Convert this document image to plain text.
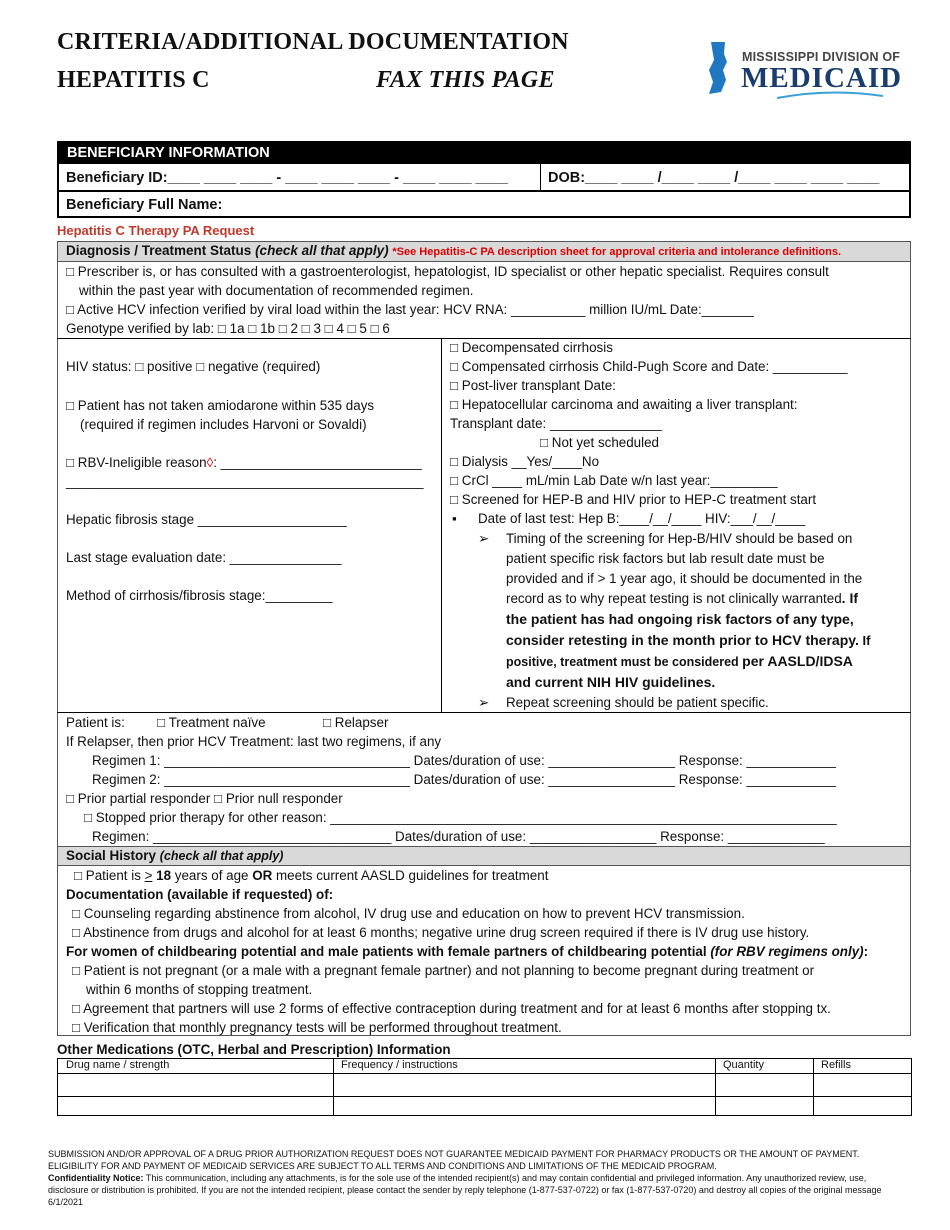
CRITERIA/ADDITIONAL DOCUMENTATION
HEPATITIS C	FAX THIS PAGE
MISSISSIPPI DIVISION OF
MEDICAID
BENEFICIARY INFORMATION
Beneficiary ID:____ ____ ____ - ____ ____ ____ - ____ ____ ____	DOB:____ ____ /____ ____ /____ ____ ____ ____
Beneficiary Full Name:
Hepatitis C Therapy PA Request
Diagnosis / Treatment Status (check all that apply) *See Hepatitis-C PA description sheet for approval criteria and intolerance definitions.
□ Prescriber is, or has consulted with a gastroenterologist, hepatologist, ID specialist or other hepatic specialist. Requires consult
within the past year with documentation of recommended regimen.
□ Active HCV infection verified by viral load within the last year: HCV RNA: __________ million IU/mL Date:_______
Genotype verified by lab: □ 1a □ 1b □ 2 □ 3 □ 4 □ 5 □ 6
HIV status: □ positive □ negative (required)
□ Patient has not taken amiodarone within 535 days
(required if regimen includes Harvoni or Sovaldi)
□ RBV-Ineligible reason◊: ___________________________
________________________________________________
Hepatic fibrosis stage ____________________
Last stage evaluation date: _______________
Method of cirrhosis/fibrosis stage:_________
□ Decompensated cirrhosis
□ Compensated cirrhosis Child-Pugh Score and Date: __________
□ Post-liver transplant Date:
□ Hepatocellular carcinoma and awaiting a liver transplant:
Transplant date: _______________
□ Not yet scheduled
□ Dialysis __Yes/____No
□ CrCl ____ mL/min Lab Date w/n last year:_________
□ Screened for HEP-B and HIV prior to HEP-C treatment start
▪ Date of last test: Hep B:____/__/____ HIV:___/__/____
➢ Timing of the screening for Hep-B/HIV should be based on
patient specific risk factors but lab result date must be
provided and if > 1 year ago, it should be documented in the
record as to why repeat testing is not clinically warranted. If
the patient has had ongoing risk factors of any type,
consider retesting in the month prior to HCV therapy. If
positive, treatment must be considered per AASLD/IDSA
and current NIH HIV guidelines.
➢ Repeat screening should be patient specific.
Patient is: □ Treatment naïve	□ Relapser
If Relapser, then prior HCV Treatment: last two regimens, if any
Regimen 1: _________________________________ Dates/duration of use: _________________ Response: ____________
Regimen 2: _________________________________ Dates/duration of use: _________________ Response: ____________
□ Prior partial responder □ Prior null responder
□ Stopped prior therapy for other reason: ____________________________________________________________________
Regimen: ________________________________ Dates/duration of use: _________________ Response: _____________
Social History (check all that apply)
□ Patient is > 18 years of age OR meets current AASLD guidelines for treatment
Documentation (available if requested) of:
□ Counseling regarding abstinence from alcohol, IV drug use and education on how to prevent HCV transmission.
□ Abstinence from drugs and alcohol for at least 6 months; negative urine drug screen required if there is IV drug use history.
For women of childbearing potential and male patients with female partners of childbearing potential (for RBV regimens only):
□ Patient is not pregnant (or a male with a pregnant female partner) and not planning to become pregnant during treatment or
within 6 months of stopping treatment.
□ Agreement that partners will use 2 forms of effective contraception during treatment and for at least 6 months after stopping tx.
□ Verification that monthly pregnancy tests will be performed throughout treatment.
Other Medications (OTC, Herbal and Prescription) Information
Drug name / strength	Frequency / instructions	Quantity	Refills
SUBMISSION AND/OR APPROVAL OF A DRUG PRIOR AUTHORIZATION REQUEST DOES NOT GUARANTEE MEDICAID PAYMENT FOR PHARMACY PRODUCTS OR THE AMOUNT OF PAYMENT.
ELIGIBILITY FOR AND PAYMENT OF MEDICAID SERVICES ARE SUBJECT TO ALL TERMS AND CONDITIONS AND LIMITATIONS OF THE MEDICAID PROGRAM.
Confidentiality Notice: This communication, including any attachments, is for the sole use of the intended recipient(s) and may contain confidential and privileged information. Any unauthorized review, use,
disclosure or distribution is prohibited. If you are not the intended recipient, please contact the sender by reply telephone (1-877-537-0722) or fax (1-877-537-0720) and destroy all copies of the original message
6/1/2021
